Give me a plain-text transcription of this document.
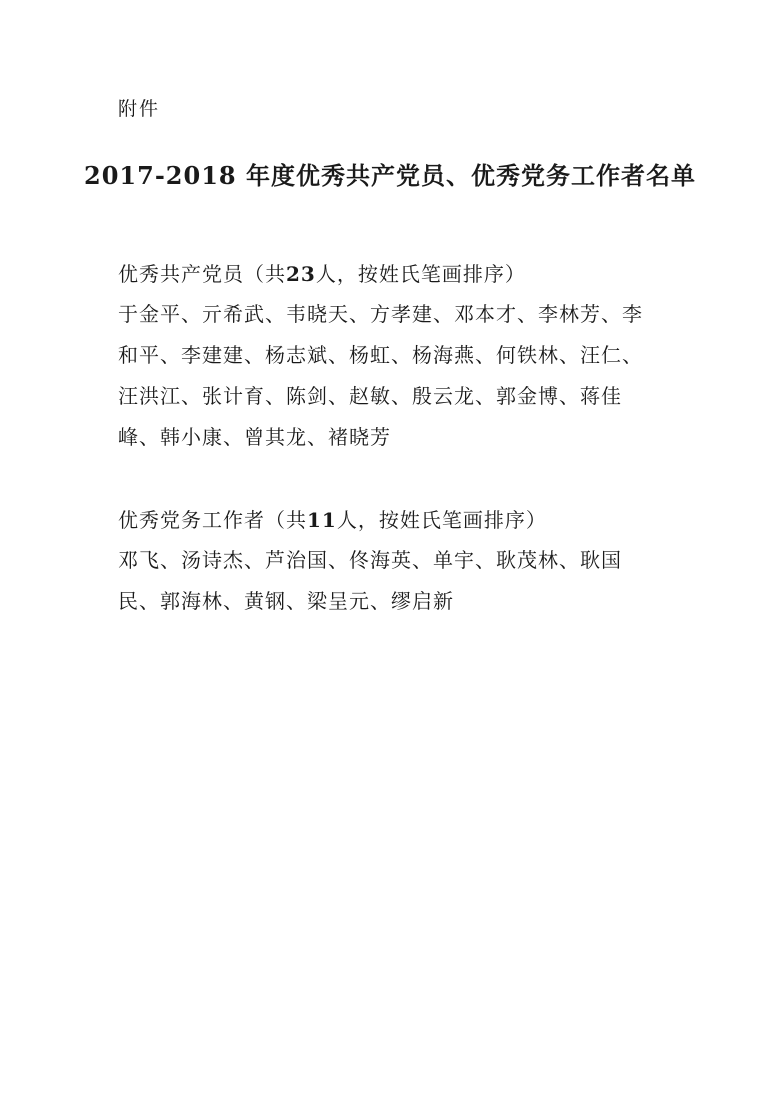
附件
2017-2018 年度优秀共产党员、优秀党务工作者名单
优秀共产党员（共23人，按姓氏笔画排序）
于金平、亓希武、韦晓天、方孝建、邓本才、李林芳、李
和平、李建建、杨志斌、杨虹、杨海燕、何铁林、汪仁、
汪洪江、张计育、陈剑、赵敏、殷云龙、郭金博、蒋佳
峰、韩小康、曾其龙、褚晓芳
优秀党务工作者（共11人，按姓氏笔画排序）
邓飞、汤诗杰、芦治国、佟海英、单宇、耿茂林、耿国
民、郭海林、黄钢、梁呈元、缪启新
